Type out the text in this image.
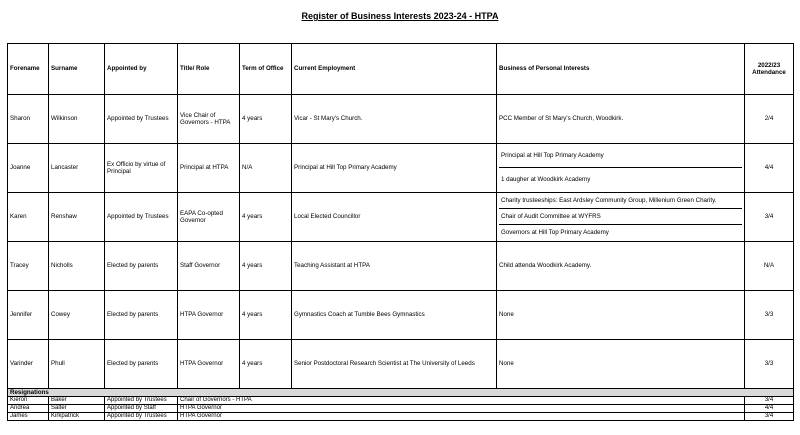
Register of Business Interests 2023-24 - HTPA
Forename	Surname	Appointed by	Title/ Role	Term of Office	Current Employment	Business of Personal Interests	2022/23
Attendance
Sharon	Wilkinson	Appointed by Trustees	Vice Chair of Governors - HTPA	4 years	Vicar - St Mary's Church.	PCC Member of St Mary's Church, Woodkirk.	2/4
Joanne	Lancaster	Ex Officio by virtue of Principal	Principal at HTPA	N/A	Principal at Hill Top Primary Academy	Principal at Hill Top Primary Academy
1 daugher at Woodkirk Academy	4/4
Karen	Renshaw	Appointed by Trustees	EAPA Co-opted Governor	4 years	Local Elected Councillor	Charity trusteeships: East Ardsley Community Group, Millenium Green Charity.
Chair of Audit Committee at WYFRS
Governors at Hill Top Primary Academy	3/4
Tracey	Nicholls	Elected by parents	Staff Governor	4 years	Teaching Assistant at HTPA	Child attenda Woodkirk Academy.	N/A
Jennifer	Cowey	Elected by parents	HTPA Governor	4 years	Gymnastics Coach at Tumble Bees Gymnastics	None	3/3
Varinder	Phull	Elected by parents	HTPA Governor	4 years	Senior Postdoctoral Research Scientist at The University of Leeds	None	3/3
Resignations							
Kieron	Baker	Appointed by Trustees	Chair of Governors - HTPA				3/4
Andrea	Salter	Appointed by Staff	HTPA Governor				4/4
James	Kirkpatrick	Appointed by Trustees	HTPA Governor				3/4
